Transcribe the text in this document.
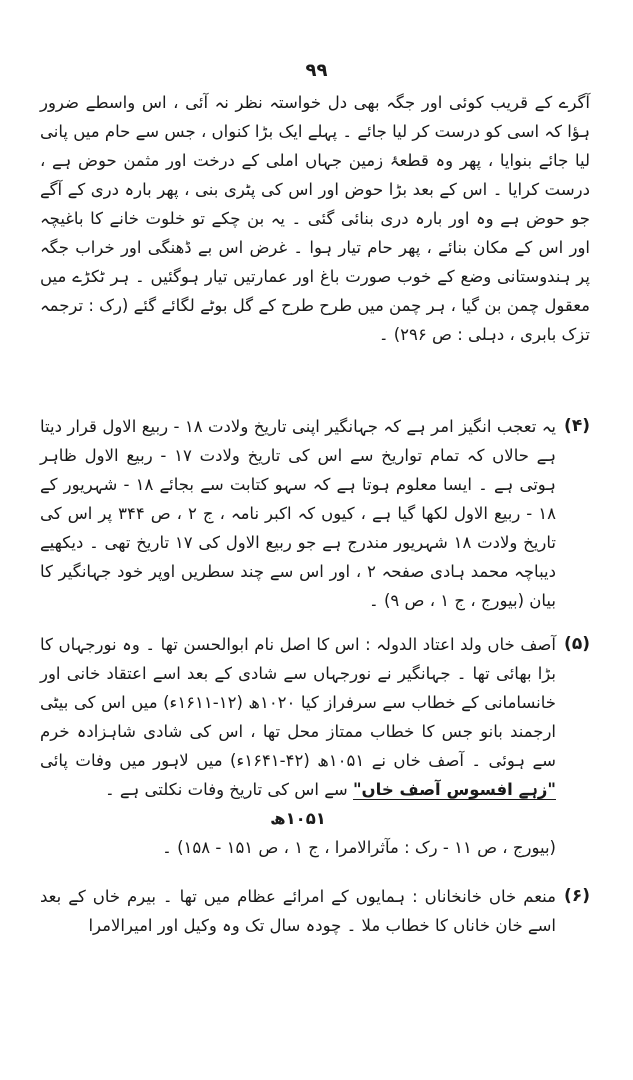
۹۹

آگرے کے قریب کوئی اور جگہ بھی دل خواستہ نظر نہ آئی ، اس واسطے ضرور ہؤا کہ اسی کو درست کر لیا جائے ۔ پہلے ایک بڑا کنواں ، جس سے حام میں پانی لیا جائے بنوایا ، پھر وہ قطعۂ زمین جہاں املی کے درخت اور مثمن حوض ہے ، درست کرایا ۔ اس کے بعد بڑا حوض اور اس کی پٹری بنی ، پھر بارہ دری کے آگے جو حوض ہے وہ اور بارہ دری بنائی گئی ۔ یہ بن چکے تو خلوت خانے کا باغیچہ اور اس کے مکان بنائے ، پھر حام تیار ہوا ۔ غرض اس بے ڈھنگی اور خراب جگہ پر ہندوستانی وضع کے خوب صورت باغ اور عمارتیں تیار ہوگئیں ۔ ہر ٹکڑے میں معقول چمن بن گیا ، ہر چمن میں طرح طرح کے گل بوٹے لگائے گئے (رک : ترجمہ تزک بابری ، دہلی : ص ۲۹۶) ۔

(۴)

یہ تعجب انگیز امر ہے کہ جہانگیر اپنی تاریخ ولادت ۱۸ - ربیع الاول قرار دیتا ہے حالاں کہ تمام تواریخ سے اس کی تاریخ ولادت ۱۷ - ربیع الاول ظاہر ہوتی ہے ۔ ایسا معلوم ہوتا ہے کہ سہو کتابت سے بجائے ۱۸ - شہریور کے ۱۸ - ربیع الاول لکھا گیا ہے ، کیوں کہ اکبر نامہ ، ج ۲ ، ص ۳۴۴ پر اس کی تاریخ ولادت ۱۸ شہریور مندرج ہے جو ربیع الاول کی ۱۷ تاریخ تھی ۔ دیکھیے دیباچہ محمد ہادی صفحہ ۲ ، اور اس سے چند سطریں اوپر خود جہانگیر کا بیان (بیورج ، ج ۱ ، ص ۹) ۔

(۵)

آصف خاں ولد اعتاد الدولہ : اس کا اصل نام ابوالحسن تھا ۔ وہ نورجہاں کا بڑا بھائی تھا ۔ جہانگیر نے نورجہاں سے شادی کے بعد اسے اعتقاد خانی اور خانسامانی کے خطاب سے سرفراز کیا ۱۰۲۰ھ (۱۲-۱۶۱۱ء) میں اس کی بیٹی ارجمند بانو جس کا خطاب ممتاز محل تھا ، اس کی شادی شاہزادہ خرم سے ہوئی ۔ آصف خاں نے ۱۰۵۱ھ (۴۲-۱۶۴۱ء) میں لاہور میں وفات پائی "زہے افسوس آصف خاں" سے اس کی تاریخ وفات نکلتی ہے ۔

۱۰۵۱ھ

(بیورج ، ص ۱۱ - رک : مآثرالامرا ، ج ۱ ، ص ۱۵۱ - ۱۵۸) ۔

(۶)

منعم خاں خانخاناں : ہمایوں کے امرائے عظام میں تھا ۔ بیرم خاں کے بعد اسے خان خاناں کا خطاب ملا ۔ چودہ سال تک وہ وکیل اور امیرالامرا
